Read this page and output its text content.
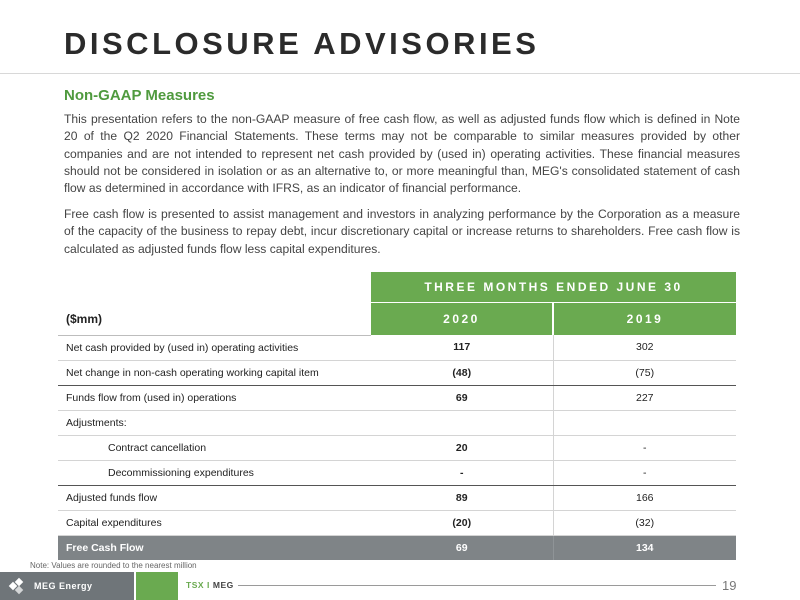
DISCLOSURE ADVISORIES
Non-GAAP Measures

This presentation refers to the non-GAAP measure of free cash flow, as well as adjusted funds flow which is defined in Note 20 of the Q2 2020 Financial Statements. These terms may not be comparable to similar measures provided by other companies and are not intended to represent net cash provided by (used in) operating activities. These financial measures should not be considered in isolation or as an alternative to, or more meaningful than, MEG's consolidated statement of cash flow as determined in accordance with IFRS, as an indicator of financial performance.

Free cash flow is presented to assist management and investors in analyzing performance by the Corporation as a measure of the capacity of the business to repay debt, incur discretionary capital or increase returns to shareholders. Free cash flow is calculated as adjusted funds flow less capital expenditures.

	THREE MONTHS ENDED JUNE 30	
($mm)	2020	2019
Net cash provided by (used in) operating activities	117	302
Net change in non-cash operating working capital item	(48)	(75)
Funds flow from (used in) operations	69	227
Adjustments:		
Contract cancellation	20	-
Decommissioning expenditures	-	-
Adjusted funds flow	89	166
Capital expenditures	(20)	(32)
Free Cash Flow	69	134
Note: Values are rounded to the nearest million
MEG Energy	TSX I MEG	19
